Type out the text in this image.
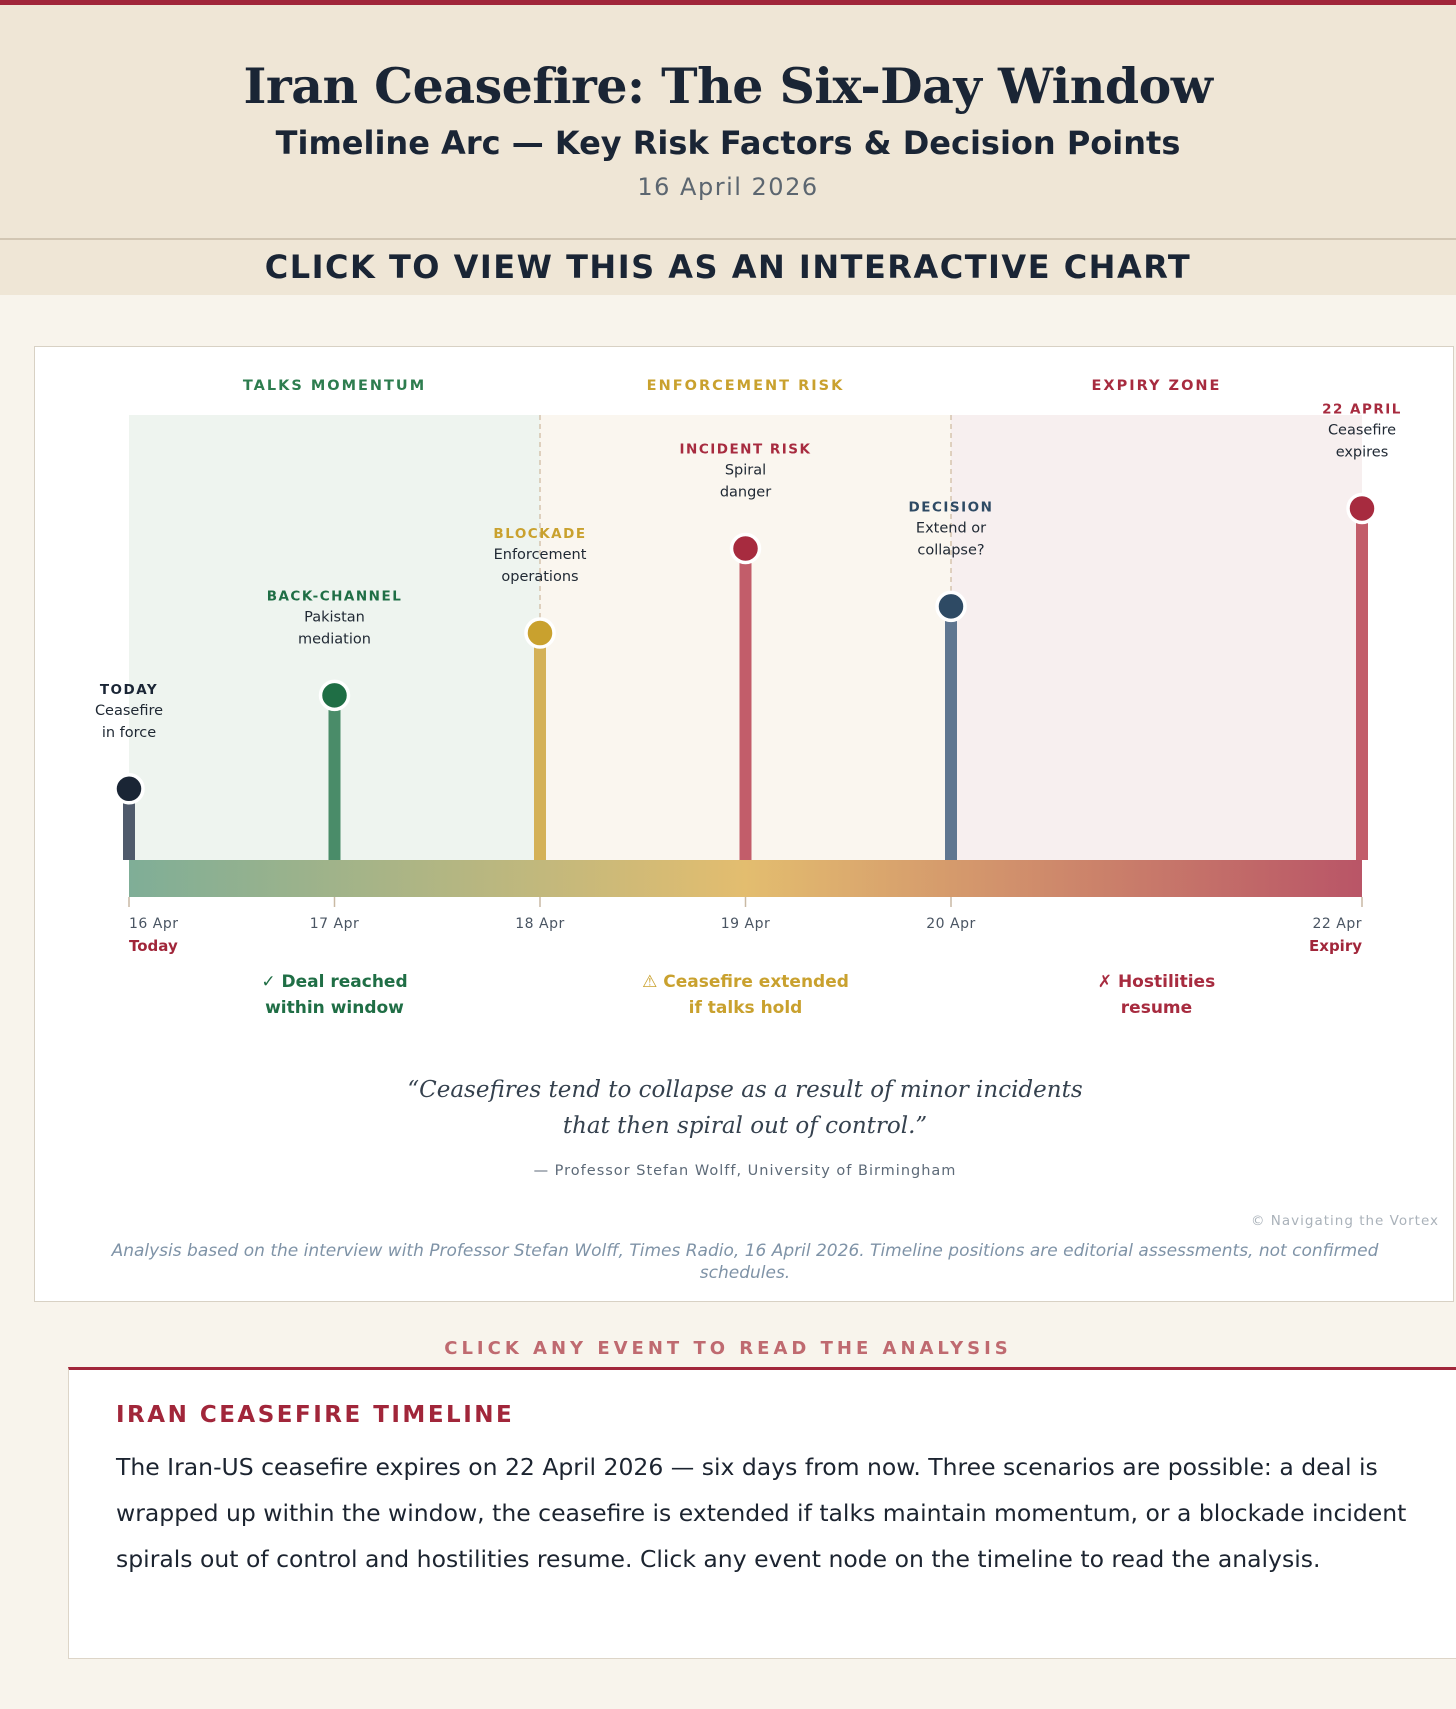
Iran Ceasefire: The Six-Day Window
Timeline Arc — Key Risk Factors & Decision Points
16 April 2026
CLICK TO VIEW THIS AS AN INTERACTIVE CHART
TALKS MOMENTUM	ENFORCEMENT RISK	EXPIRY ZONE
16 Apr
Today
17 Apr	18 Apr	19 Apr	20 Apr	22 Apr
Expiry
TODAY
Ceasefire
in force
BACK-CHANNEL
Pakistan
mediation
BLOCKADE
Enforcement
operations
INCIDENT RISK
Spiral
danger
DECISION
Extend or
collapse?
22 APRIL
Ceasefire
expires
✓ Deal reached
within window
⚠ Ceasefire extended
if talks hold
✗ Hostilities
resume
“Ceasefires tend to collapse as a result of minor incidents
that then spiral out of control.”
— Professor Stefan Wolff, University of Birmingham
© Navigating the Vortex
Analysis based on the interview with Professor Stefan Wolff, Times Radio, 16 April 2026. Timeline positions are editorial assessments, not confirmed schedules.
CLICK ANY EVENT TO READ THE ANALYSIS
IRAN CEASEFIRE TIMELINE
The Iran-US ceasefire expires on 22 April 2026 — six days from now. Three scenarios are possible: a deal is wrapped up within the window, the ceasefire is extended if talks maintain momentum, or a blockade incident spirals out of control and hostilities resume. Click any event node on the timeline to read the analysis.
